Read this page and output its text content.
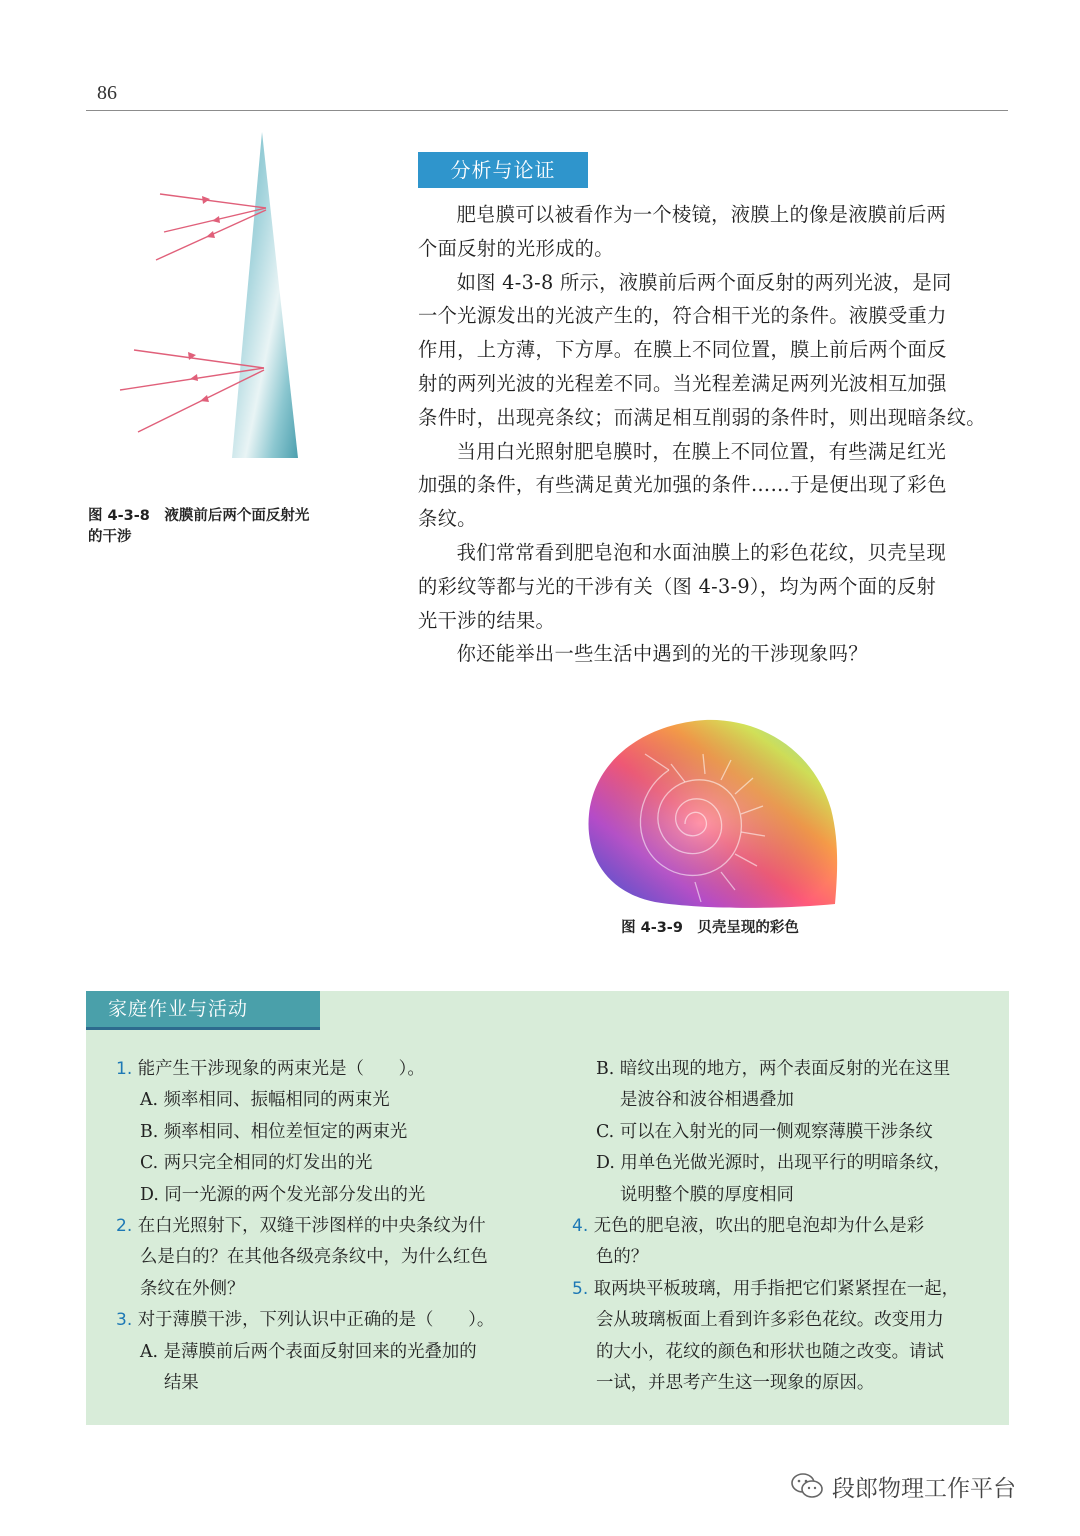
86
图 4-3-8　液膜前后两个面反射光
的干涉
分析与论证

肥皂膜可以被看作为一个棱镜，液膜上的像是液膜前后两
个面反射的光形成的。

如图 4-3-8 所示，液膜前后两个面反射的两列光波，是同
一个光源发出的光波产生的，符合相干光的条件。液膜受重力
作用，上方薄，下方厚。在膜上不同位置，膜上前后两个面反
射的两列光波的光程差不同。当光程差满足两列光波相互加强
条件时，出现亮条纹；而满足相互削弱的条件时，则出现暗条纹。

当用白光照射肥皂膜时，在膜上不同位置，有些满足红光
加强的条件，有些满足黄光加强的条件……于是便出现了彩色
条纹。

我们常常看到肥皂泡和水面油膜上的彩色花纹，贝壳呈现
的彩纹等都与光的干涉有关（图 4-3-9），均为两个面的反射
光干涉的结果。

你还能举出一些生活中遇到的光的干涉现象吗？

图 4-3-9　贝壳呈现的彩色
家庭作业与活动
1. 能产生干涉现象的两束光是（　　）。
A. 频率相同、振幅相同的两束光
B. 频率相同、相位差恒定的两束光
C. 两只完全相同的灯发出的光
D. 同一光源的两个发光部分发出的光
2. 在白光照射下，双缝干涉图样的中央条纹为什
么是白的？在其他各级亮条纹中，为什么红色
条纹在外侧？
3. 对于薄膜干涉，下列认识中正确的是（　　）。
A. 是薄膜前后两个表面反射回来的光叠加的
结果
B. 暗纹出现的地方，两个表面反射的光在这里
是波谷和波谷相遇叠加
C. 可以在入射光的同一侧观察薄膜干涉条纹
D. 用单色光做光源时，出现平行的明暗条纹，
说明整个膜的厚度相同
4. 无色的肥皂液，吹出的肥皂泡却为什么是彩
色的？
5. 取两块平板玻璃，用手指把它们紧紧捏在一起，
会从玻璃板面上看到许多彩色花纹。改变用力
的大小，花纹的颜色和形状也随之改变。请试
一试，并思考产生这一现象的原因。
段郎物理工作平台
